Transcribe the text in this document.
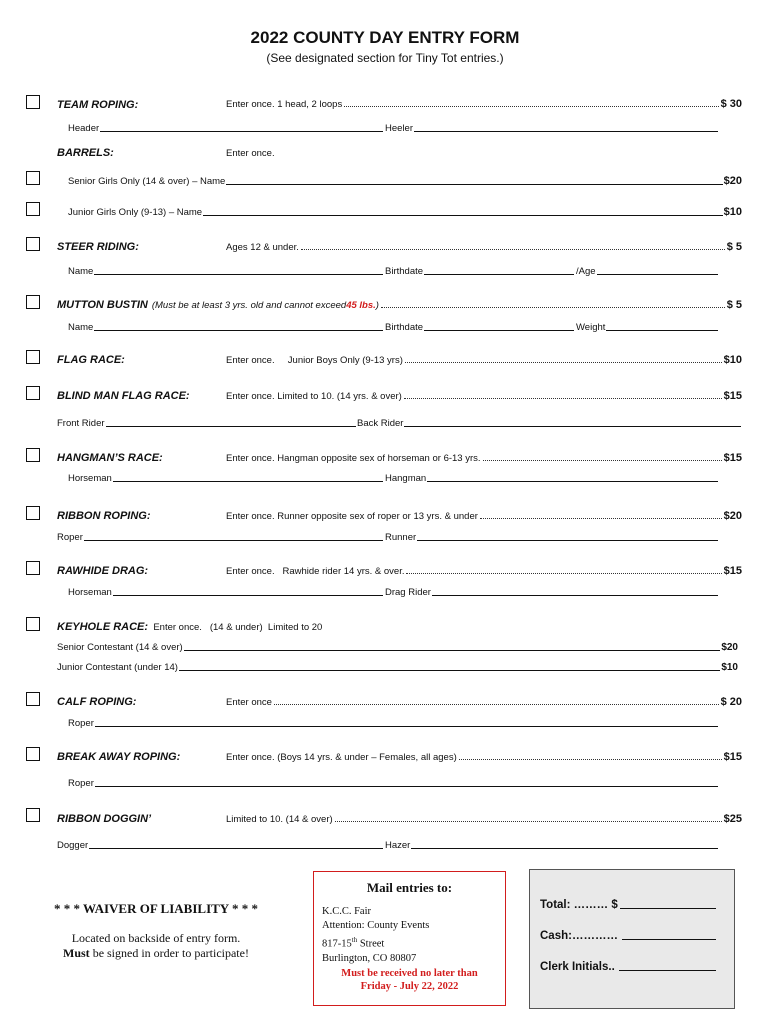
2022 COUNTY DAY ENTRY FORM
(See designated section for Tiny Tot entries.)
TEAM ROPING:	Enter once. 1 head, 2 loops	$ 30
Header	Heeler
BARRELS:	Enter once.
Senior Girls Only (14 & over) – Name	$20
Junior Girls Only (9-13) – Name	$10
STEER RIDING:	Ages 12 & under.	$ 5
Name	Birthdate	/Age
MUTTON BUSTIN (Must be at least 3 yrs. old and cannot exceed 45 lbs. )	$ 5
Name	Birthdate	Weight
FLAG RACE:	Enter once.     Junior Boys Only (9-13 yrs)	$10
BLIND MAN FLAG RACE:	Enter once. Limited to 10. (14 yrs. & over)	$15
Front Rider	Back Rider
HANGMAN’S RACE:	Enter once. Hangman opposite sex of horseman or 6-13 yrs.	$15
Horseman	Hangman
RIBBON ROPING:	Enter once. Runner opposite sex of roper or 13 yrs. & under	$20
Roper	Runner
RAWHIDE DRAG:	Enter once.   Rawhide rider 14 yrs. & over.	$15
Horseman	Drag Rider
KEYHOLE RACE: Enter once.   (14 & under)  Limited to 20
Senior Contestant (14 & over)	$20
Junior Contestant (under 14)	$10
CALF ROPING:	Enter once	$ 20
Roper
BREAK AWAY ROPING:	Enter once. (Boys 14 yrs. & under – Females, all ages)	$15
Roper
RIBBON DOGGIN’	Limited to 10. (14 & over)	$25
Dogger	Hazer
* * * WAIVER OF LIABILITY * * *
Located on backside of entry form.
Must be signed in order to participate!
Mail entries to:
K.C.C. Fair
Attention: County Events
817-15th Street
Burlington, CO 80807
Must be received no later than
Friday - July 22, 2022
Total: ……… $
Cash:…………
Clerk Initials..
